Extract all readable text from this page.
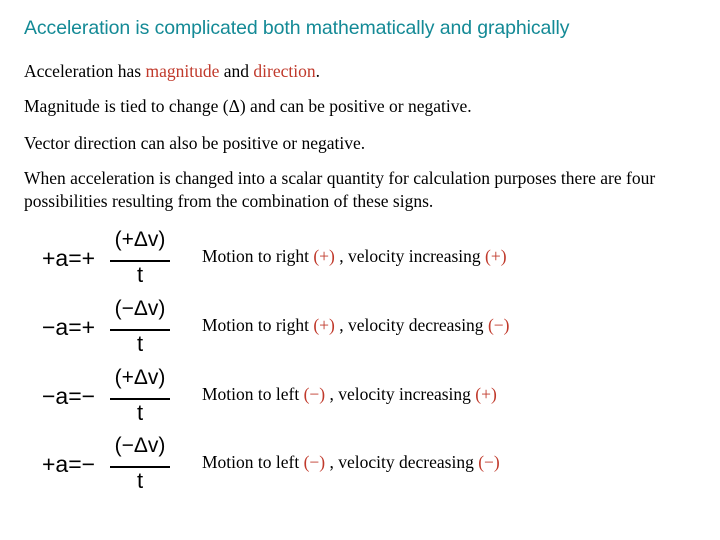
Acceleration is complicated both mathematically and graphically
Acceleration has magnitude and direction.
Magnitude is tied to change (Δ) and can be positive or negative.
Vector direction can also be positive or negative.
When acceleration is changed into a scalar quantity for calculation purposes there are four possibilities resulting from the combination of these signs.
+a=+
(+Δv)
t
Motion to right (+) , velocity increasing (+)
−a=+
(−Δv)
t
Motion to right (+) , velocity decreasing (−)
−a=−
(+Δv)
t
Motion to left (−) , velocity increasing (+)
+a=−
(−Δv)
t
Motion to left (−) , velocity decreasing (−)
